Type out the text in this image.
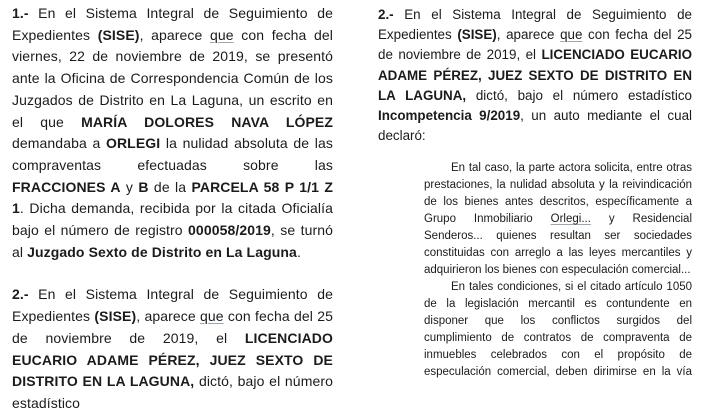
1.- En el Sistema Integral de Seguimiento de Expedientes (SISE), aparece que con fecha del viernes, 22 de noviembre de 2019, se presentó ante la Oficina de Correspondencia Común de los Juzgados de Distrito en La Laguna, un escrito en el que MARÍA DOLORES NAVA LÓPEZ demandaba a ORLEGI la nulidad absoluta de las compraventas efectuadas sobre las FRACCIONES A y B de la PARCELA 58 P 1/1 Z 1. Dicha demanda, recibida por la citada Oficialía bajo el número de registro 000058/2019, se turnó al Juzgado Sexto de Distrito en La Laguna.

2.- En el Sistema Integral de Seguimiento de Expedientes (SISE), aparece que con fecha del 25 de noviembre de 2019, el LICENCIADO EUCARIO ADAME PÉREZ, JUEZ SEXTO DE DISTRITO EN LA LAGUNA, dictó, bajo el número estadístico

2.- En el Sistema Integral de Seguimiento de Expedientes (SISE), aparece que con fecha del 25 de noviembre de 2019, el LICENCIADO EUCARIO ADAME PÉREZ, JUEZ SEXTO DE DISTRITO EN LA LAGUNA, dictó, bajo el número estadístico Incompetencia 9/2019, un auto mediante el cual declaró:

En tal caso, la parte actora solicita, entre otras prestaciones, la nulidad absoluta y la reivindicación de los bienes antes descritos, específicamente a Grupo Inmobiliario Orlegi... y Residencial Senderos... quienes resultan ser sociedades constituidas con arreglo a las leyes mercantiles y adquirieron los bienes con especulación comercial...

En tales condiciones, si el citado artículo 1050 de la legislación mercantil es contundente en disponer que los conflictos surgidos del cumplimiento de contratos de compraventa de inmuebles celebrados con el propósito de especulación comercial, deben dirimirse en la vía
